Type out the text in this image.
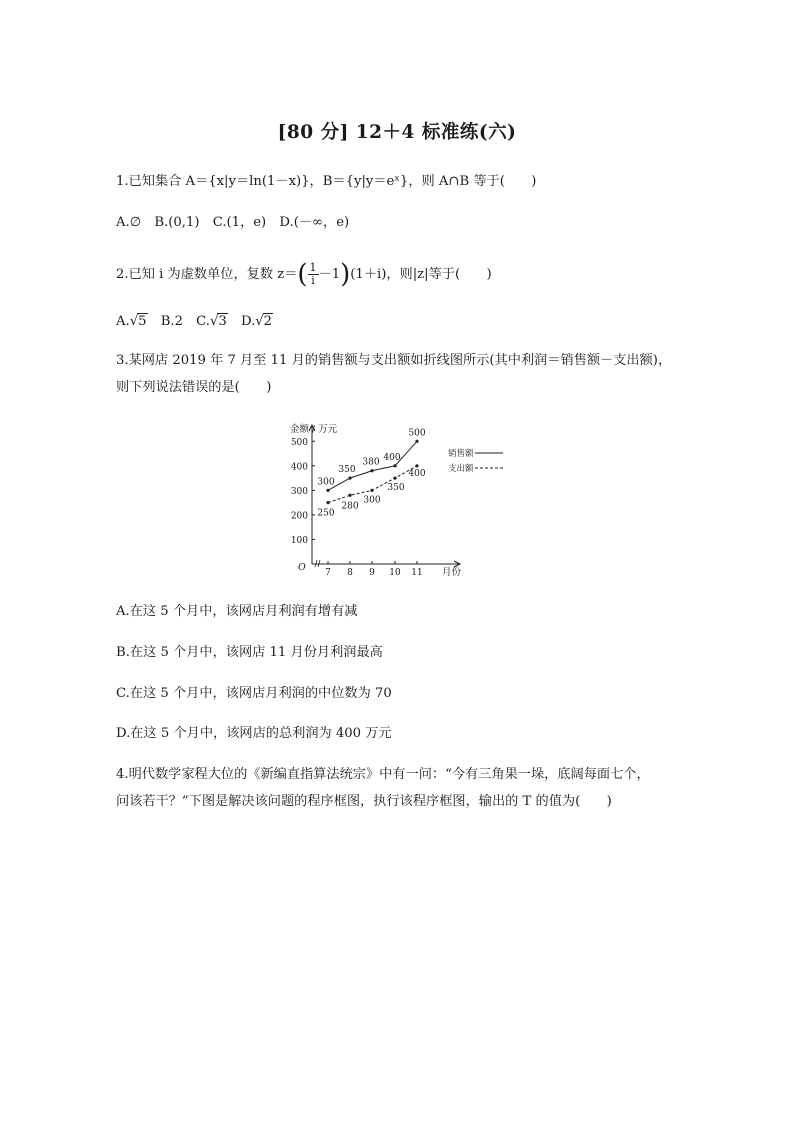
[80 分] 12＋4 标准练(六)
1.已知集合 A＝{x|y＝ln(1－x)}，B＝{y|y＝eˣ}，则 A∩B 等于(　　)
A.∅　B.(0,1)　C.(1，e)　D.(－∞，e)
2.已知 i 为虚数单位，复数 $z=( \frac{1}{i} -1)(1+i)$，则|z|等于(　　)
A.√5　B.2　C.√3　D.√2
3.某网店 2019 年 7 月至 11 月的销售额与支出额如折线图所示(其中利润＝销售额－支出额)，
则下列说法错误的是(　　)
金额 / 万元
月份
O
100
200
300
400
500
7 8 9 10 11
300
350
380 400
500
250
280
300
350
400
销售额
支出额
A.在这 5 个月中，该网店月利润有增有减
B.在这 5 个月中，该网店 11 月份月利润最高
C.在这 5 个月中，该网店月利润的中位数为 70
D.在这 5 个月中，该网店的总利润为 400 万元
4.明代数学家程大位的《新编直指算法统宗》中有一问：“今有三角果一垛，底阔每面七个，
问该若干？”下图是解决该问题的程序框图，执行该程序框图，输出的 T 的值为(　　)
